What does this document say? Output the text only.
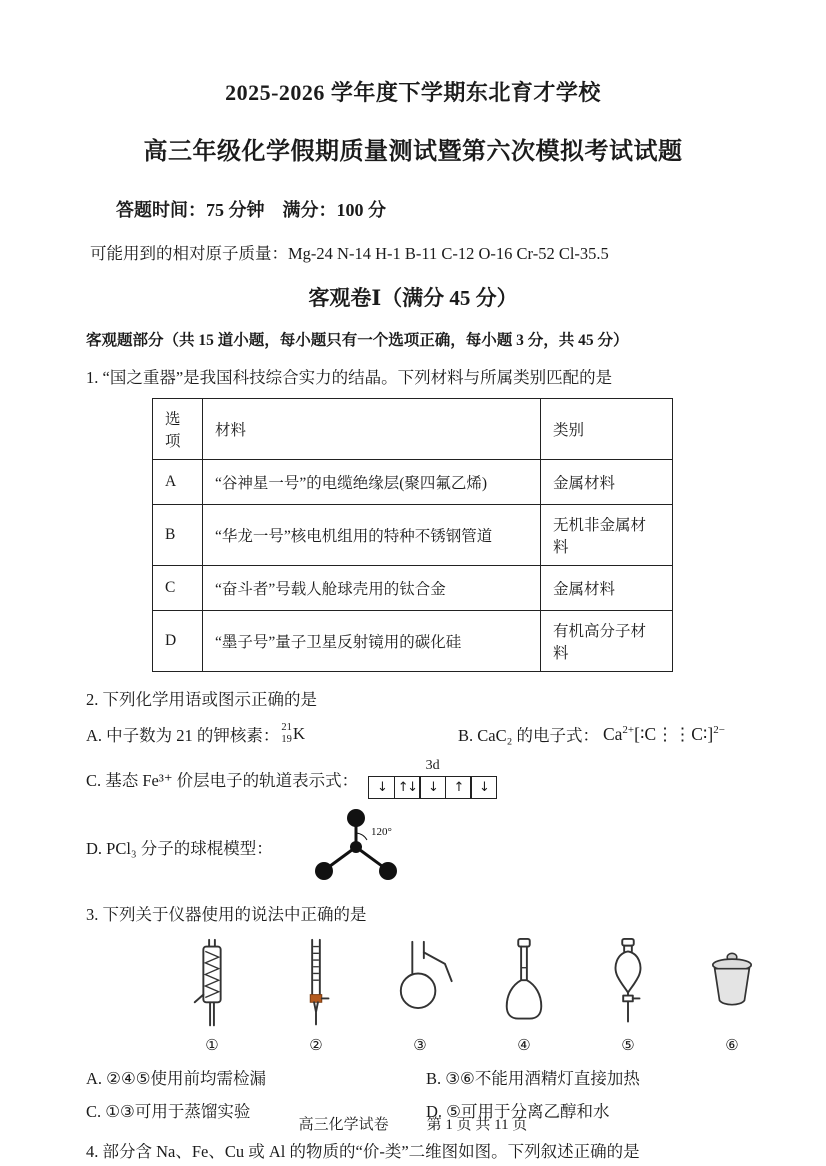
2025-2026 学年度下学期东北育才学校
高三年级化学假期质量测试暨第六次模拟考试试题
答题时间：75 分钟　满分：100 分
可能用到的相对原子质量：Mg-24 N-14 H-1 B-11 C-12 O-16 Cr-52 Cl-35.5
客观卷Ⅰ（满分 45 分）
客观题部分（共 15 道小题，每小题只有一个选项正确，每小题 3 分，共 45 分）
1. “国之重器”是我国科技综合实力的结晶。下列材料与所属类别匹配的是
选项	材料	类别
A	“谷神星一号”的电缆绝缘层(聚四氟乙烯)	金属材料
B	“华龙一号”核电机组用的特种不锈钢管道	无机非金属材料
C	“奋斗者”号载人舱球壳用的钛合金	金属材料
D	“墨子号”量子卫星反射镜用的碳化硅	有机高分子材料
2. 下列化学用语或图示正确的是
A. 中子数为 21 的钾核素： 21
19 K	B. CaC₂ 的电子式： $Ca^{2+}[∶C⋮⋮C∶]^{2-}$
C. 基态 Fe³⁺ 价层电子的轨道表示式：
3d
↓ ↑↓ ↓	↑	↓
D. PCl₃ 分子的球棍模型：
120°
3. 下列关于仪器使用的说法中正确的是
①	②	③	④	⑤	⑥
A. ②④⑤使用前均需检漏	B. ③⑥不能用酒精灯直接加热
C. ①③可用于蒸馏实验	D. ⑤可用于分离乙醇和水
4. 部分含 Na、Fe、Cu 或 Al 的物质的“价-类”二维图如图。下列叙述正确的是
高三化学试卷	第 1 页 共 11 页
